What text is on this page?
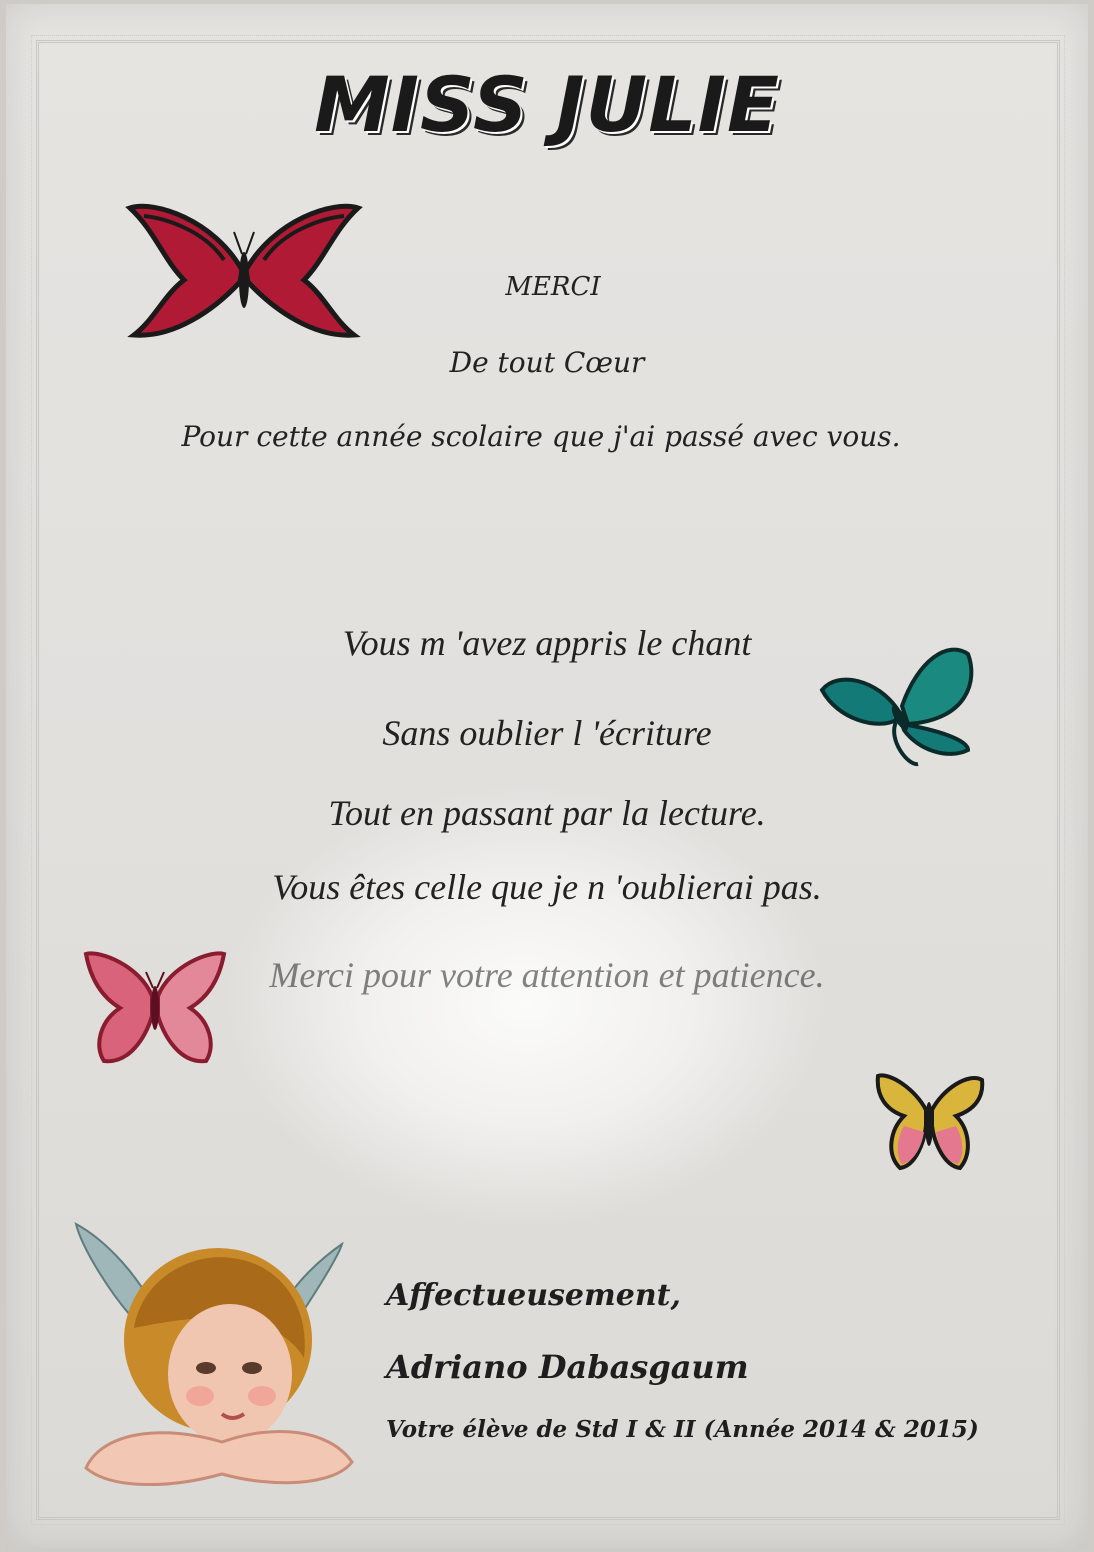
MISS JULIE
MERCI
De tout Cœur
Pour cette année scolaire que j'ai passé avec vous.
Vous m 'avez appris le chant
Sans oublier l 'écriture
Tout en passant par la lecture.
Vous êtes celle que je n 'oublierai pas.
Merci pour votre attention et patience.
Affectueusement,
Adriano Dabasgaum
Votre élève de Std I & II (Année 2014 & 2015)
